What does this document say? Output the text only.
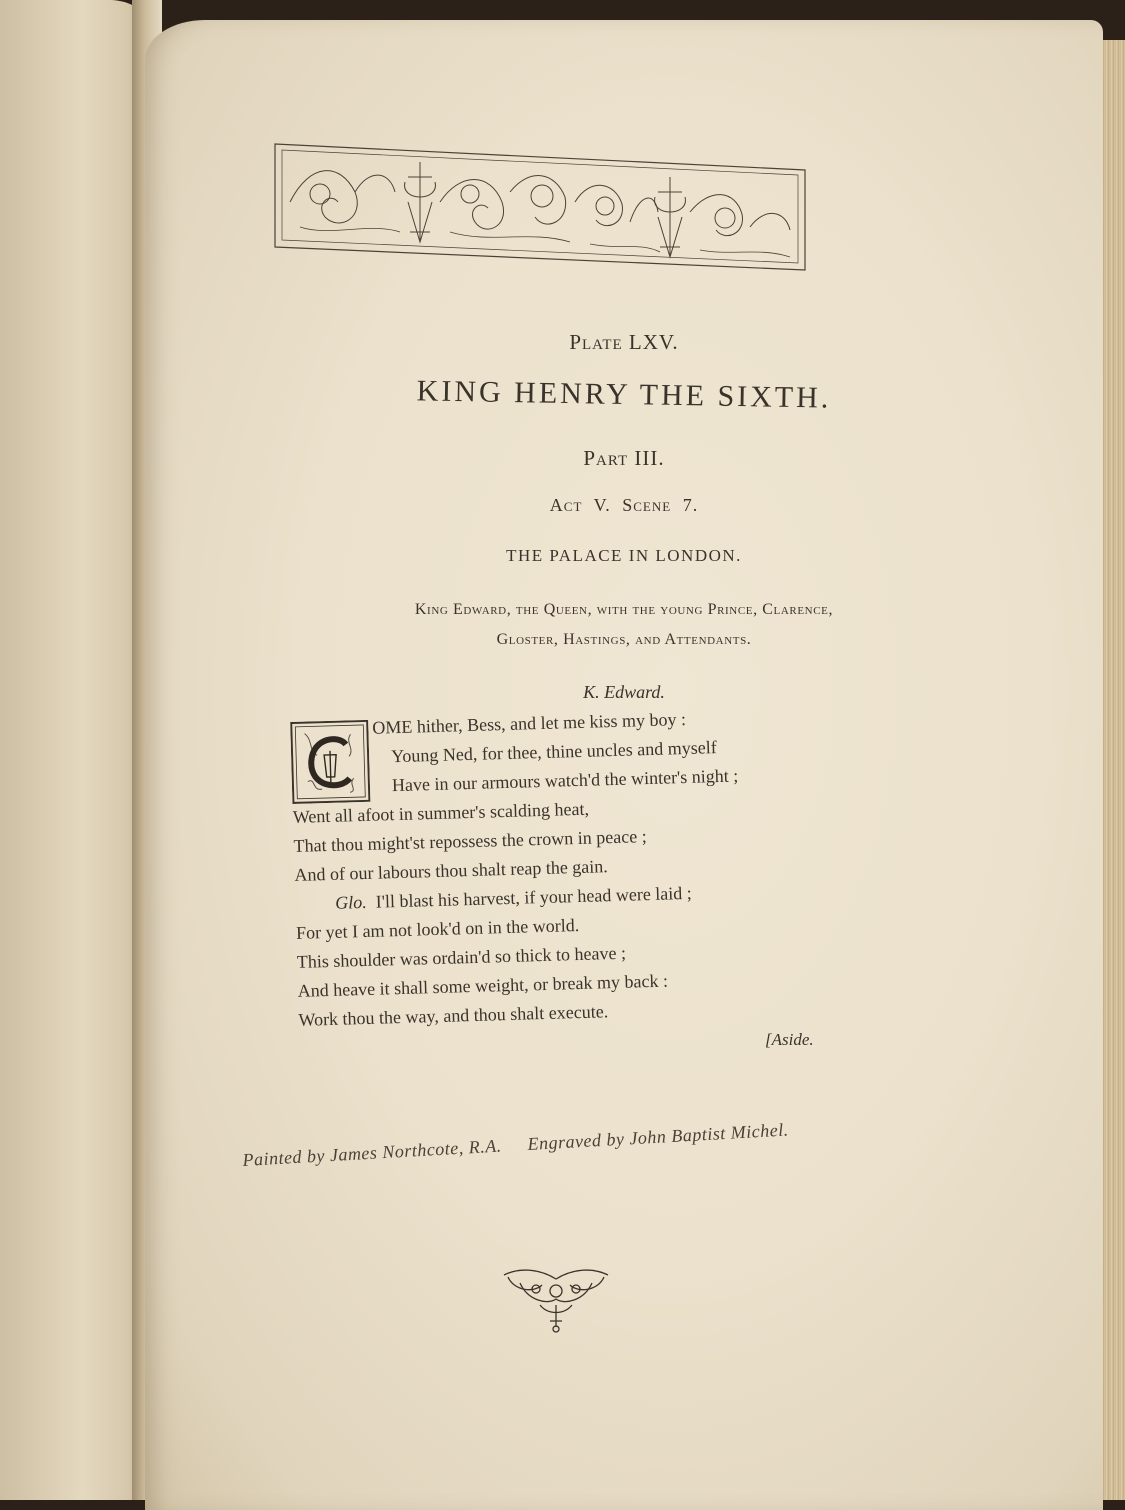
Plate LXV.
KING HENRY THE SIXTH.
Part III.
Act V. Scene 7.
THE PALACE IN LONDON.
King Edward, the Queen, with the young Prince, Clarence,
Gloster, Hastings, and Attendants.
K. Edward.
OME hither, Bess, and let me kiss my boy :
Young Ned, for thee, thine uncles and myself
Have in our armours watch'd the winter's night ;
Went all afoot in summer's scalding heat,
That thou might'st repossess the crown in peace ;
And of our labours thou shalt reap the gain.
Glo. I'll blast his harvest, if your head were laid ;
For yet I am not look'd on in the world.
This shoulder was ordain'd so thick to heave ;
And heave it shall some weight, or break my back :
Work thou the way, and thou shalt execute.
[Aside.
Painted by James Northcote, R.A. Engraved by John Baptist Michel.
